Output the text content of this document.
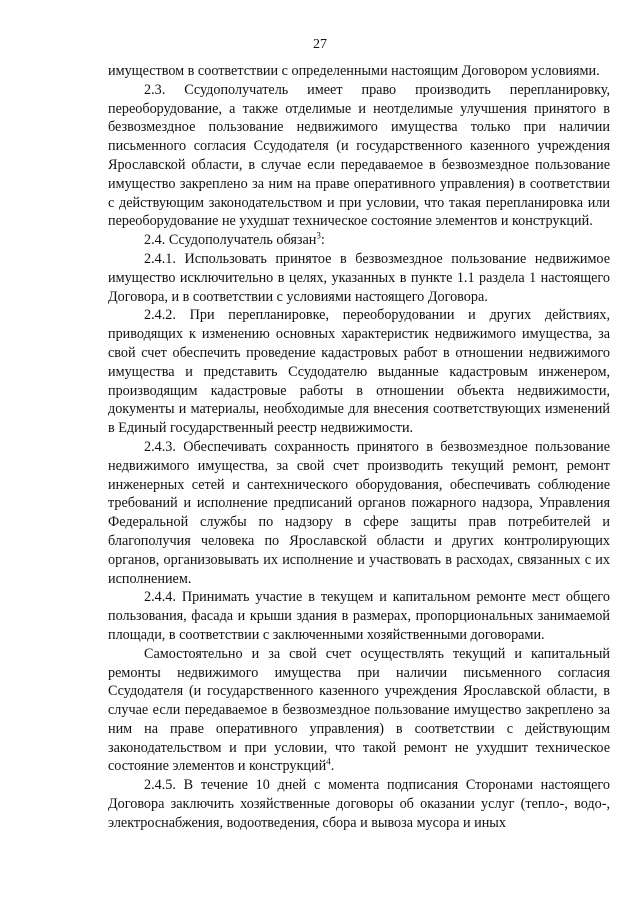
27

имуществом в соответствии с определенными настоящим Договором условиями.

2.3. Ссудополучатель имеет право производить перепланировку, переоборудование, а также отделимые и неотделимые улучшения принятого в безвозмездное пользование недвижимого имущества только при наличии письменного согласия Ссудодателя (и государственного казенного учреждения Ярославской области, в случае если передаваемое в безвозмездное пользование имущество закреплено за ним на праве оперативного управления) в соответствии с действующим законодательством и при условии, что такая перепланировка или переоборудование не ухудшат техническое состояние элементов и конструкций.

2.4. Ссудополучатель обязан$^3$:

2.4.1. Использовать принятое в безвозмездное пользование недвижимое имущество исключительно в целях, указанных в пункте 1.1 раздела 1 настоящего Договора, и в соответствии с условиями настоящего Договора.

2.4.2. При перепланировке, переоборудовании и других действиях, приводящих к изменению основных характеристик недвижимого имущества, за свой счет обеспечить проведение кадастровых работ в отношении недвижимого имущества и представить Ссудодателю выданные кадастровым инженером, производящим кадастровые работы в отношении объекта недвижимости, документы и материалы, необходимые для внесения соответствующих изменений в Единый государственный реестр недвижимости.

2.4.3. Обеспечивать сохранность принятого в безвозмездное пользование недвижимого имущества, за свой счет производить текущий ремонт, ремонт инженерных сетей и сантехнического оборудования, обеспечивать соблюдение требований и исполнение предписаний органов пожарного надзора, Управления Федеральной службы по надзору в сфере защиты прав потребителей и благополучия человека по Ярославской области и других контролирующих органов, организовывать их исполнение и участвовать в расходах, связанных с их исполнением.

2.4.4. Принимать участие в текущем и капитальном ремонте мест общего пользования, фасада и крыши здания в размерах, пропорциональных занимаемой площади, в соответствии с заключенными хозяйственными договорами.

Самостоятельно и за свой счет осуществлять текущий и капитальный ремонты недвижимого имущества при наличии письменного согласия Ссудодателя (и государственного казенного учреждения Ярославской области, в случае если передаваемое в безвозмездное пользование имущество закреплено за ним на праве оперативного управления) в соответствии с действующим законодательством и при условии, что такой ремонт не ухудшит техническое состояние элементов и конструкций$^4$.

2.4.5. В течение 10 дней с момента подписания Сторонами настоящего Договора заключить хозяйственные договоры об оказании услуг (тепло-, водо-, электроснабжения, водоотведения, сбора и вывоза мусора и иных
